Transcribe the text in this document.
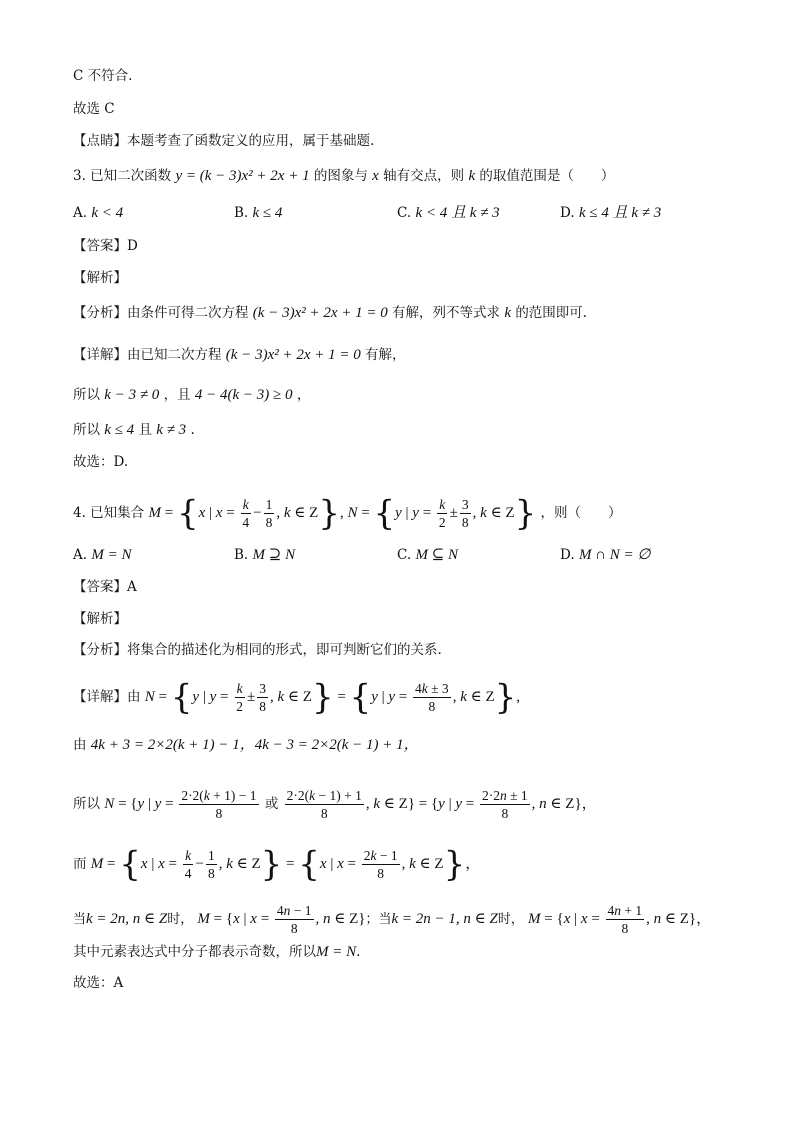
C 不符合.
故选 C
【点睛】本题考查了函数定义的应用，属于基础题.
3. 已知二次函数 y = (k − 3)x² + 2x + 1 的图象与 x 轴有交点，则 k 的取值范围是（　　）
A. k < 4	B. k ≤ 4	C. k < 4 且 k ≠ 3	D. k ≤ 4 且 k ≠ 3
【答案】D
【解析】
【分析】由条件可得二次方程 (k − 3)x² + 2x + 1 = 0 有解，列不等式求 k 的范围即可.
【详解】由已知二次方程 (k − 3)x² + 2x + 1 = 0 有解，
所以 k − 3 ≠ 0 ，且 4 − 4(k − 3) ≥ 0 ，
所以 k ≤ 4 且 k ≠ 3 .
故选：D.
4. 已知集合 M = {x | $x = \frac{k}{4} - \frac{1}{8}$ , k ∈ Z}, N = {y | $y = \frac{k}{2} \pm \frac{3}{8}$ , k ∈ Z} ，则（　　）
A. M = N	B. M ⊇ N	C. M ⊆ N	D. M ∩ N = ∅
【答案】A
【解析】
【分析】将集合的描述化为相同的形式，即可判断它们的关系.
【详解】由 N = {y | $y = \frac{k}{2} \pm \frac{3}{8}$ , k ∈ Z} = {y | $y = \frac{4k \pm 3}{8}$ , k ∈ Z},
由 4k + 3 = 2×2(k + 1) − 1，4k − 3 = 2×2(k − 1) + 1，
所以 N = {y | $y = \frac{2\cdot 2(k + 1) - 1}{8}$ 或 $\frac{2\cdot 2(k - 1) + 1}{8}$ , k ∈ Z} = {y | $y = \frac{2\cdot 2n \pm 1}{8}$ , n ∈ Z}，
而 M = {x | $x = \frac{k}{4} - \frac{1}{8}$ , k ∈ Z} = {x | $x = \frac{2k - 1}{8}$ , k ∈ Z}，
当k = 2n, n ∈ Z时， M = {x | $x = \frac{4n - 1}{8}$ , n ∈ Z}；当k = 2n − 1, n ∈ Z时， M = {x | $x = \frac{4n + 1}{8}$ , n ∈ Z}，
其中元素表达式中分子都表示奇数，所以M = N.
故选：A
